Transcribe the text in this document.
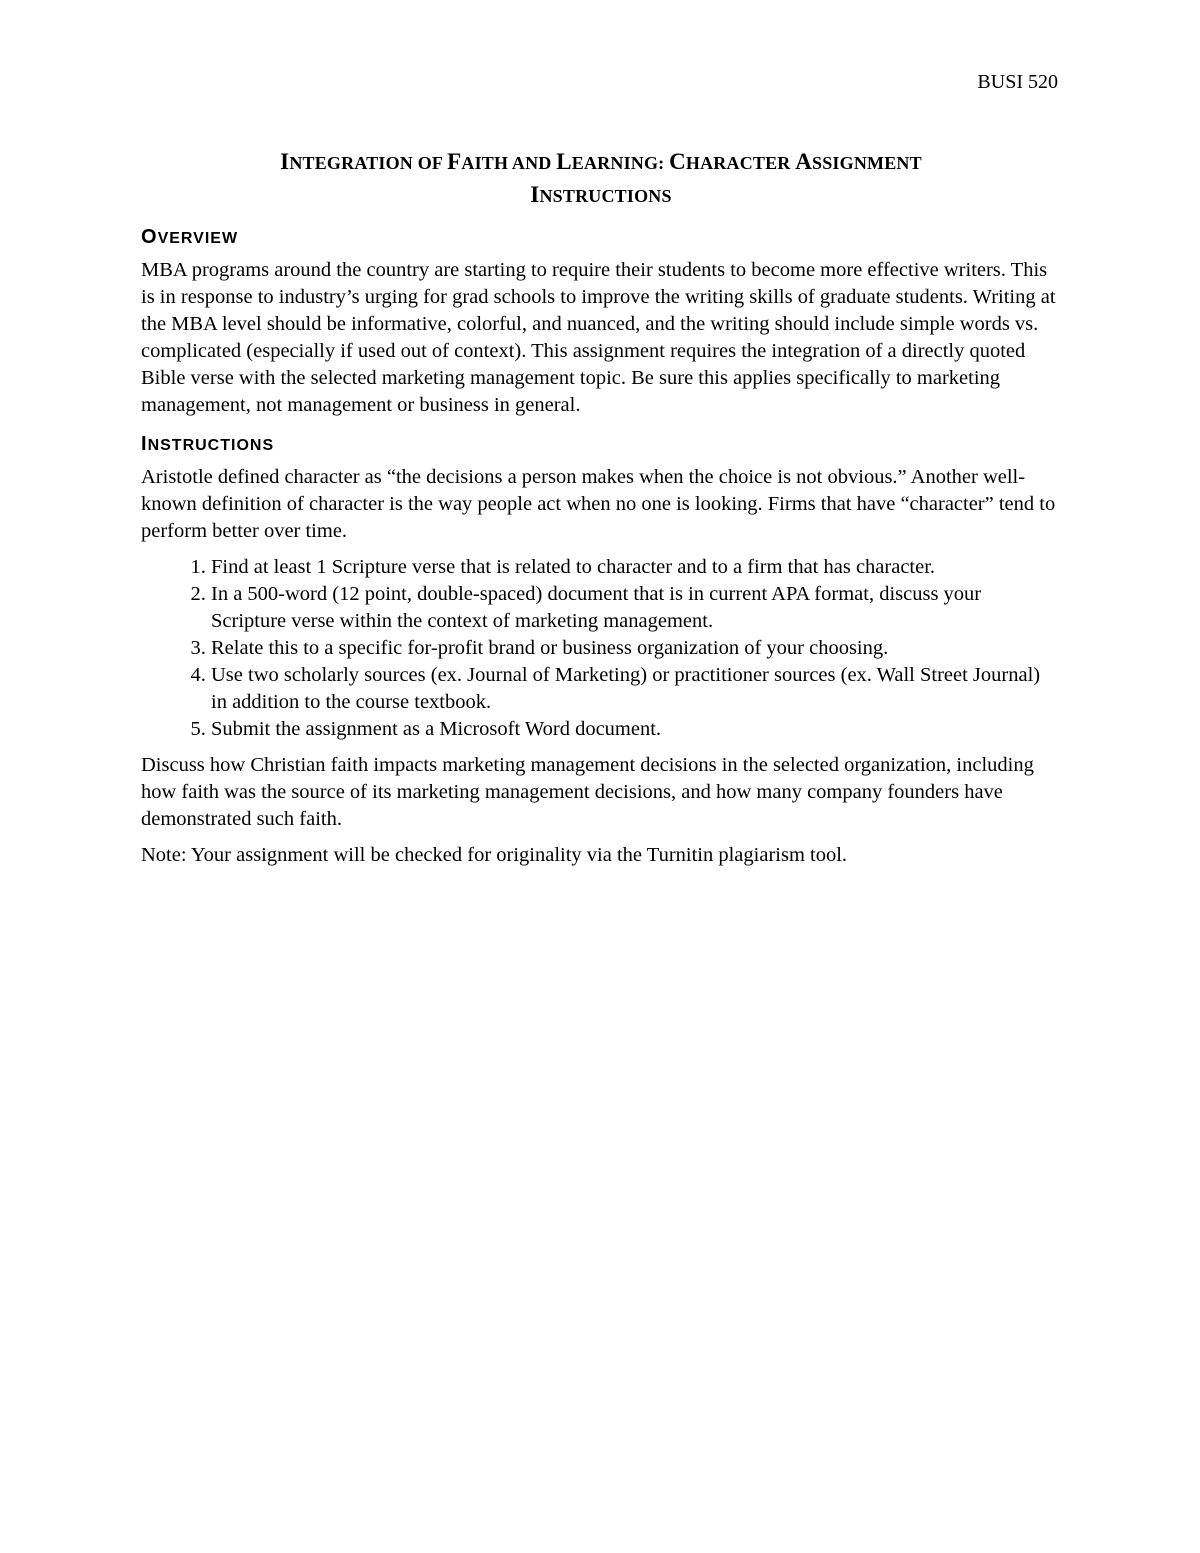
BUSI 520
INTEGRATION OF FAITH AND LEARNING: CHARACTER ASSIGNMENT
INSTRUCTIONS
OVERVIEW

MBA programs around the country are starting to require their students to become more effective writers. This is in response to industry’s urging for grad schools to improve the writing skills of graduate students. Writing at the MBA level should be informative, colorful, and nuanced, and the writing should include simple words vs. complicated (especially if used out of context). This assignment requires the integration of a directly quoted Bible verse with the selected marketing management topic. Be sure this applies specifically to marketing management, not management or business in general.

INSTRUCTIONS

Aristotle defined character as “the decisions a person makes when the choice is not obvious.” Another well-known definition of character is the way people act when no one is looking. Firms that have “character” tend to perform better over time.

1. Find at least 1 Scripture verse that is related to character and to a firm that has character.
2. In a 500-word (12 point, double-spaced) document that is in current APA format, discuss your Scripture verse within the context of marketing management.
3. Relate this to a specific for-profit brand or business organization of your choosing.
4. Use two scholarly sources (ex. Journal of Marketing) or practitioner sources (ex. Wall Street Journal) in addition to the course textbook.
5. Submit the assignment as a Microsoft Word document.

Discuss how Christian faith impacts marketing management decisions in the selected organization, including how faith was the source of its marketing management decisions, and how many company founders have demonstrated such faith.

Note: Your assignment will be checked for originality via the Turnitin plagiarism tool.
